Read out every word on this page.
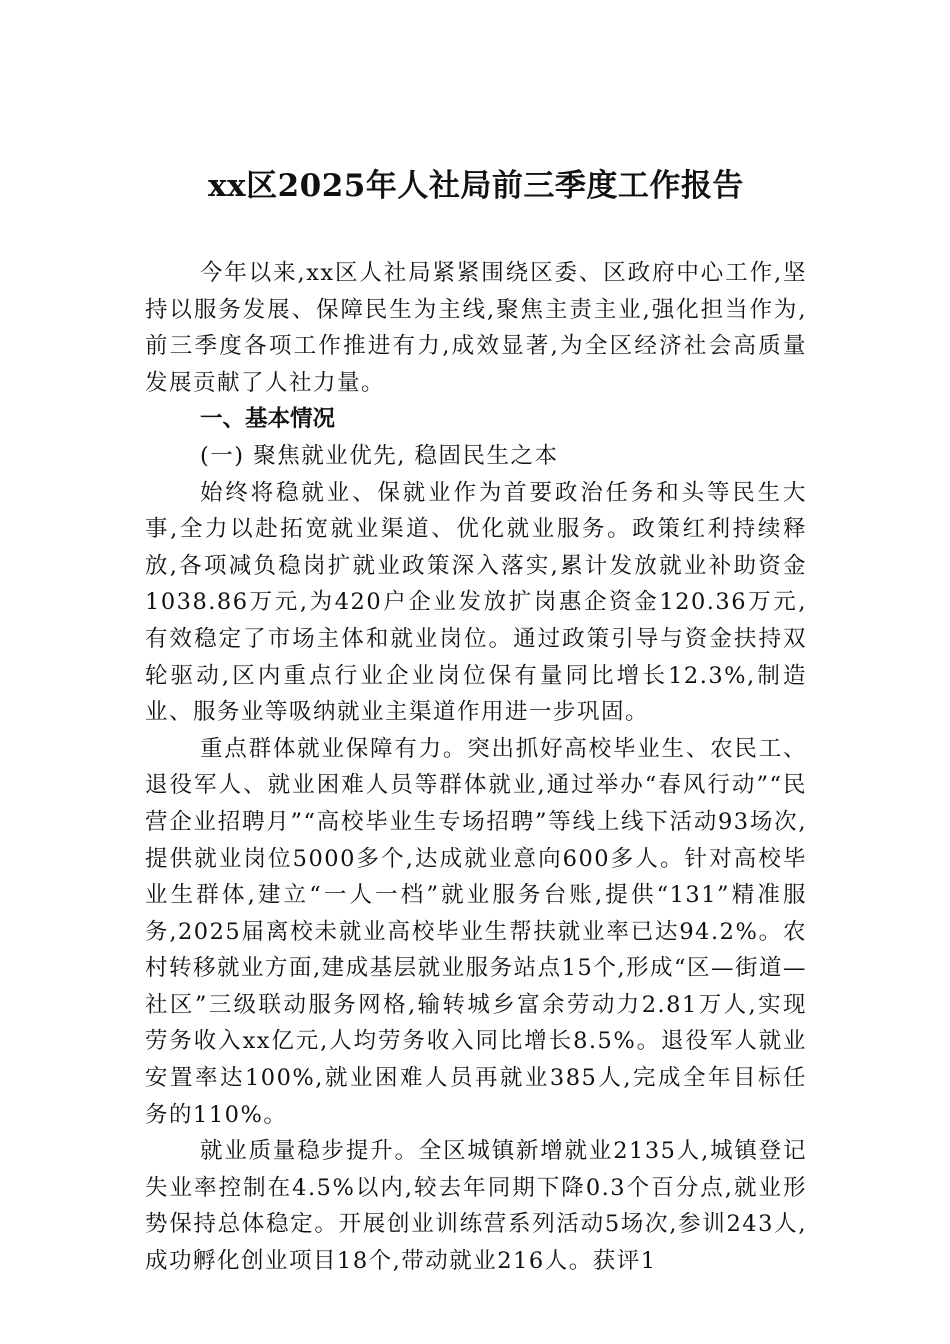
xx区2025年人社局前三季度工作报告

今年以来,xx区人社局紧紧围绕区委、区政府中心工作,坚持以服务发展、保障民生为主线,聚焦主责主业,强化担当作为,前三季度各项工作推进有力,成效显著,为全区经济社会高质量发展贡献了人社力量。

一、基本情况

(一) 聚焦就业优先, 稳固民生之本

始终将稳就业、保就业作为首要政治任务和头等民生大事,全力以赴拓宽就业渠道、优化就业服务。政策红利持续释放,各项减负稳岗扩就业政策深入落实,累计发放就业补助资金1038.86万元,为420户企业发放扩岗惠企资金120.36万元,有效稳定了市场主体和就业岗位。通过政策引导与资金扶持双轮驱动,区内重点行业企业岗位保有量同比增长12.3%,制造业、服务业等吸纳就业主渠道作用进一步巩固。

重点群体就业保障有力。突出抓好高校毕业生、农民工、退役军人、就业困难人员等群体就业,通过举办“春风行动”“民营企业招聘月”“高校毕业生专场招聘”等线上线下活动93场次,提供就业岗位5000多个,达成就业意向600多人。针对高校毕业生群体,建立“一人一档”就业服务台账,提供“131”精准服务,2025届离校未就业高校毕业生帮扶就业率已达94.2%。农村转移就业方面,建成基层就业服务站点15个,形成“区—街道—社区”三级联动服务网格,输转城乡富余劳动力2.81万人,实现劳务收入xx亿元,人均劳务收入同比增长8.5%。退役军人就业安置率达100%,就业困难人员再就业385人,完成全年目标任务的110%。

就业质量稳步提升。全区城镇新增就业2135人,城镇登记失业率控制在4.5%以内,较去年同期下降0.3个百分点,就业形势保持总体稳定。开展创业训练营系列活动5场次,参训243人,成功孵化创业项目18个,带动就业216人。获评1
